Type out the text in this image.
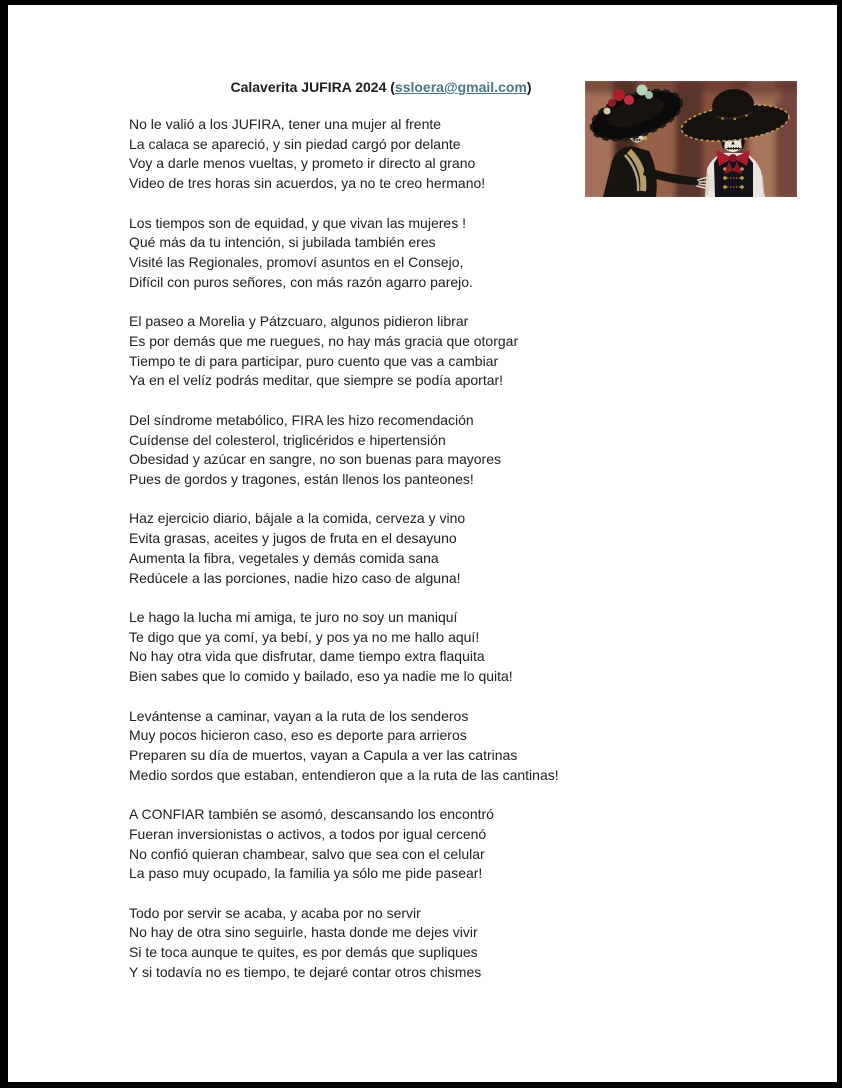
Calaverita JUFIRA 2024 (ssloera@gmail.com)

No le valió a los JUFIRA, tener una mujer al frente
La calaca se apareció, y sin piedad cargó por delante
Voy a darle menos vueltas, y prometo ir directo al grano
Video de tres horas sin acuerdos, ya no te creo hermano!

Los tiempos son de equidad, y que vivan las mujeres !
Qué más da tu intención, si jubilada también eres
Visité las Regionales, promoví asuntos en el Consejo,
Difícil con puros señores, con más razón agarro parejo.

El paseo a Morelia y Pátzcuaro, algunos pidieron librar
Es por demás que me ruegues, no hay más gracia que otorgar
Tiempo te di para participar, puro cuento que vas a cambiar
Ya en el velíz podrás meditar, que siempre se podía aportar!

Del síndrome metabólico, FIRA les hizo recomendación
Cuídense del colesterol, triglicéridos e hipertensión
Obesidad y azúcar en sangre, no son buenas para mayores
Pues de gordos y tragones, están llenos los panteones!

Haz ejercicio diario, bájale a la comida, cerveza y vino
Evita grasas, aceites y jugos de fruta en el desayuno
Aumenta la fibra, vegetales y demás comida sana
Redúcele a las porciones, nadie hizo caso de alguna!

Le hago la lucha mi amiga, te juro no soy un maniquí
Te digo que ya comí, ya bebí, y pos ya no me hallo aquí!
No hay otra vida que disfrutar, dame tiempo extra flaquita
Bien sabes que lo comido y bailado, eso ya nadie me lo quita!

Levántense a caminar, vayan a la ruta de los senderos
Muy pocos hicieron caso, eso es deporte para arrieros
Preparen su día de muertos, vayan a Capula a ver las catrinas
Medio sordos que estaban, entendieron que a la ruta de las cantinas!

A CONFIAR también se asomó, descansando los encontró
Fueran inversionistas o activos, a todos por igual cercenó
No confió quieran chambear, salvo que sea con el celular
La paso muy ocupado, la familia ya sólo me pide pasear!

Todo por servir se acaba, y acaba por no servir
No hay de otra sino seguirle, hasta donde me dejes vivir
Si te toca aunque te quites, es por demás que supliques
Y si todavía no es tiempo, te dejaré contar otros chismes
